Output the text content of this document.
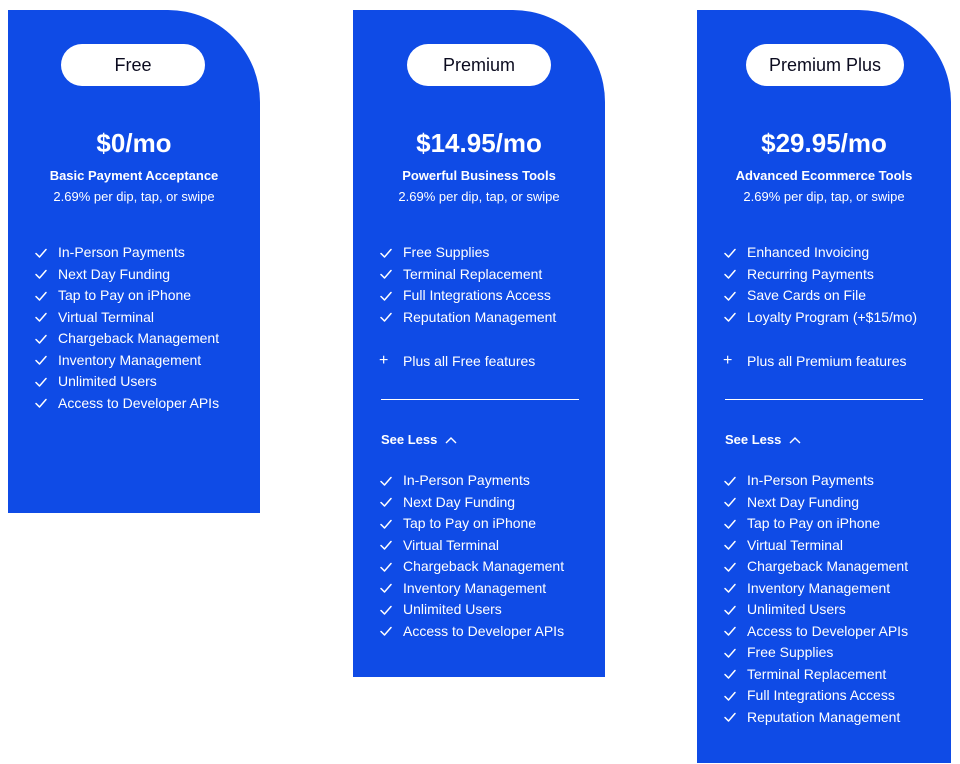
Free
$0/mo
Basic Payment Acceptance
2.69% per dip, tap, or swipe
In-Person Payments
Next Day Funding
Tap to Pay on iPhone
Virtual Terminal
Chargeback Management
Inventory Management
Unlimited Users
Access to Developer APIs
Premium
$14.95/mo
Powerful Business Tools
2.69% per dip, tap, or swipe
Free Supplies
Terminal Replacement
Full Integrations Access
Reputation Management
+	Plus all Free features
See Less
In-Person Payments
Next Day Funding
Tap to Pay on iPhone
Virtual Terminal
Chargeback Management
Inventory Management
Unlimited Users
Access to Developer APIs
Premium Plus
$29.95/mo
Advanced Ecommerce Tools
2.69% per dip, tap, or swipe
Enhanced Invoicing
Recurring Payments
Save Cards on File
Loyalty Program (+$15/mo)
+	Plus all Premium features
See Less
In-Person Payments
Next Day Funding
Tap to Pay on iPhone
Virtual Terminal
Chargeback Management
Inventory Management
Unlimited Users
Access to Developer APIs
Free Supplies
Terminal Replacement
Full Integrations Access
Reputation Management
